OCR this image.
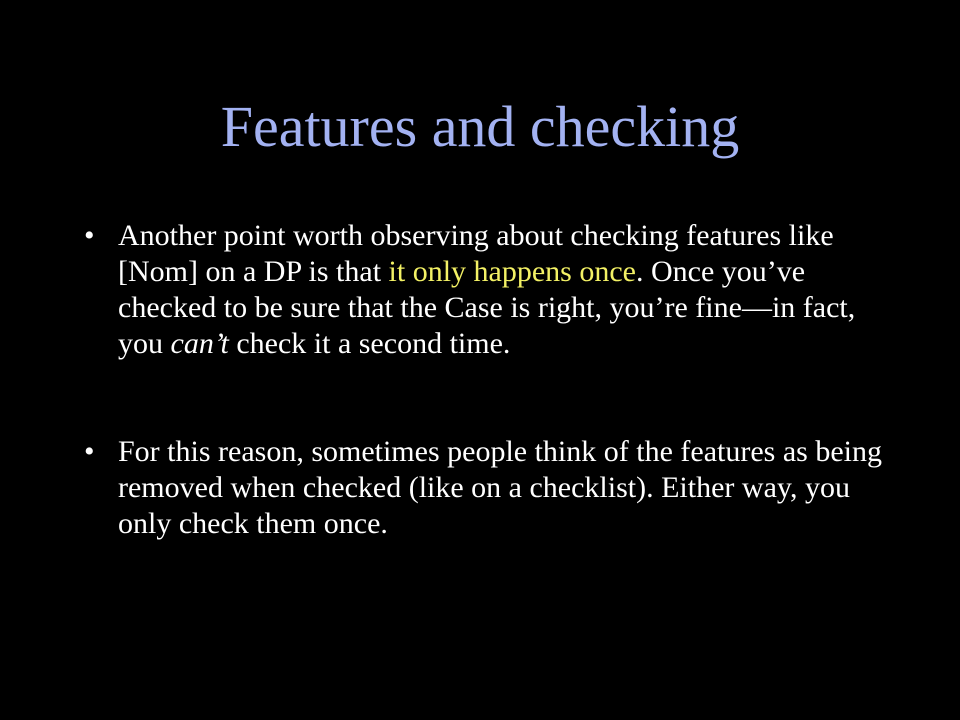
Features and checking
• Another point worth observing about checking features like [Nom] on a DP is that it only happens once. Once you’ve checked to be sure that the Case is right, you’re fine—in fact, you can’t check it a second time.
• For this reason, sometimes people think of the features as being removed when checked (like on a checklist). Either way, you only check them once.
